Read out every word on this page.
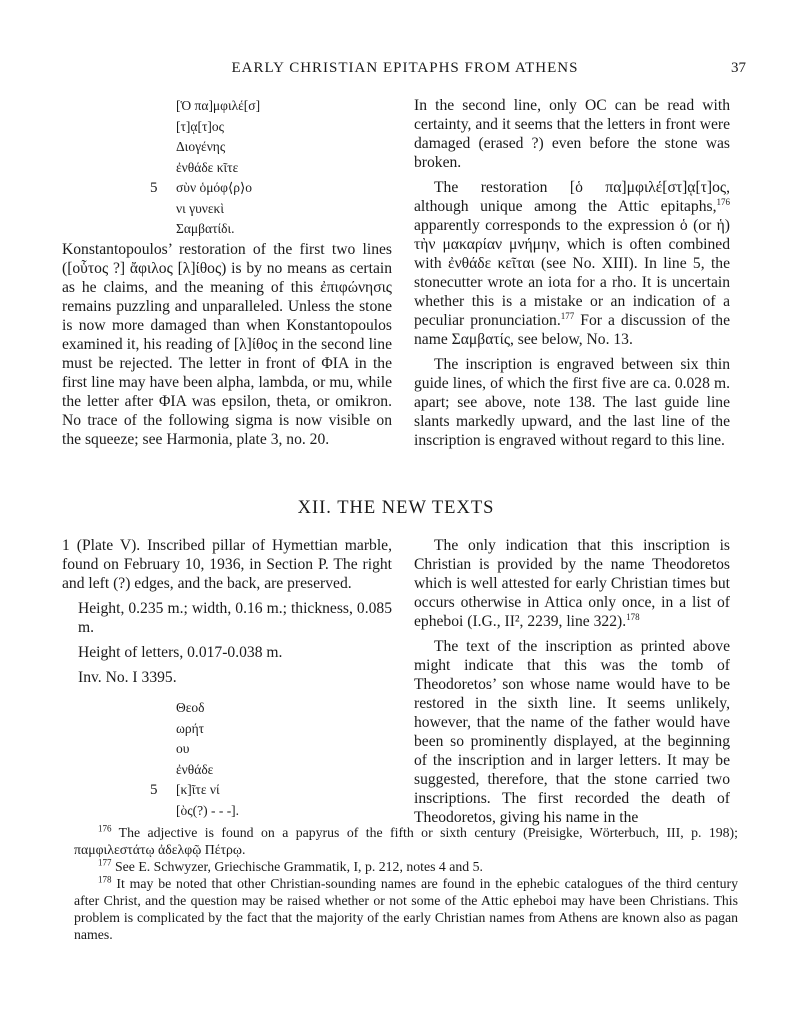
EARLY CHRISTIAN EPITAPHS FROM ATHENS	37
[Ὁ πα]μφιλέ[σ]
[τ]ᾳ[τ]ος
Διογένης
ἐνθάδε κῖτε
5 σὺν ὁμόφ⟨ρ⟩ο
νι γυνεκὶ
Σαμβατίδι.

Konstantopoulos’ restoration of the first two lines ([οὗτος ?] ἄφιλος [λ]ίθος) is by no means as certain as he claims, and the meaning of this ἐπιφώνησις remains puzzling and unparalleled. Unless the stone is now more damaged than when Konstantopoulos examined it, his reading of [λ]ίθος in the second line must be rejected. The letter in front of ΦΙΑ in the first line may have been alpha, lambda, or mu, while the letter after ΦΙΑ was epsilon, theta, or omikron. No trace of the following sigma is now visible on the squeeze; see Harmonia, plate 3, no. 20.

In the second line, only OC can be read with certainty, and it seems that the letters in front were damaged (erased ?) even before the stone was broken.

The restoration [ὁ πα]μφιλέ[στ]ᾳ[τ]ος, although unique among the Attic epitaphs,$^{176}$ apparently corresponds to the expression ὁ (or ἡ) τὴν μακαρίαν μνήμην, which is often combined with ἐνθάδε κεῖται (see No. XIII). In line 5, the stonecutter wrote an iota for a rho. It is uncertain whether this is a mistake or an indication of a peculiar pronunciation.$^{177}$ For a discussion of the name Σαμβατίς, see below, No. 13.

The inscription is engraved between six thin guide lines, of which the first five are ca. 0.028 m. apart; see above, note 138. The last guide line slants markedly upward, and the last line of the inscription is engraved without regard to this line.

XII. THE NEW TEXTS

1 (Plate V). Inscribed pillar of Hymettian marble, found on February 10, 1936, in Section P. The right and left (?) edges, and the back, are preserved.

Height, 0.235 m.; width, 0.16 m.; thickness, 0.085 m.

Height of letters, 0.017-0.038 m.

Inv. No. I 3395.

Θεοδ
ωρήτ
ου
ἐνθάδε
5 [κ]ῖτε νί
[ὸς(?) - - -].

The only indication that this inscription is Christian is provided by the name Theodoretos which is well attested for early Christian times but occurs otherwise in Attica only once, in a list of epheboi (I.G., II², 2239, line 322).$^{178}$

The text of the inscription as printed above might indicate that this was the tomb of Theodoretos’ son whose name would have to be restored in the sixth line. It seems unlikely, however, that the name of the father would have been so prominently displayed, at the beginning of the inscription and in larger letters. It may be suggested, therefore, that the stone carried two inscriptions. The first recorded the death of Theodoretos, giving his name in the

$^{176}$ The adjective is found on a papyrus of the fifth or sixth century (Preisigke, Wörterbuch, III, p. 198); παμφιλεστάτῳ ἀδελφῷ Πέτρῳ.

$^{177}$ See E. Schwyzer, Griechische Grammatik, I, p. 212, notes 4 and 5.

$^{178}$ It may be noted that other Christian-sounding names are found in the ephebic catalogues of the third century after Christ, and the question may be raised whether or not some of the Attic epheboi may have been Christians. This problem is complicated by the fact that the majority of the early Christian names from Athens are known also as pagan names.
